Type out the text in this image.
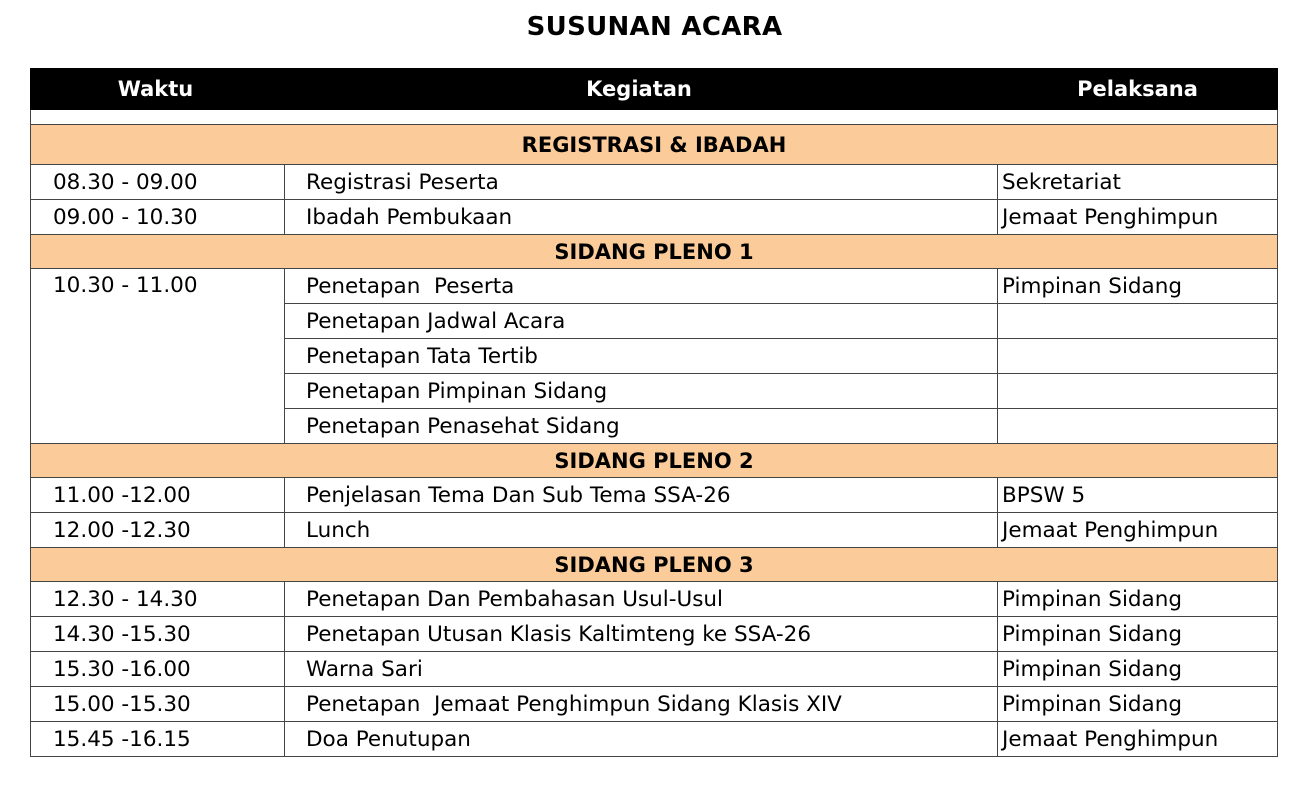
SUSUNAN ACARA
Waktu	Kegiatan	Pelaksana

REGISTRASI & IBADAH		
08.30 - 09.00	Registrasi Peserta	Sekretariat
09.00 - 10.30	Ibadah Pembukaan	Jemaat Penghimpun
SIDANG PLENO 1		
10.30 - 11.00	Penetapan  Peserta	Pimpinan Sidang
	Penetapan Jadwal Acara	
	Penetapan Tata Tertib	
	Penetapan Pimpinan Sidang	
	Penetapan Penasehat Sidang	
SIDANG PLENO 2		
11.00 -12.00	Penjelasan Tema Dan Sub Tema SSA-26	BPSW 5
12.00 -12.30	Lunch	Jemaat Penghimpun
SIDANG PLENO 3		
12.30 - 14.30	Penetapan Dan Pembahasan Usul-Usul	Pimpinan Sidang
14.30 -15.30	Penetapan Utusan Klasis Kaltimteng ke SSA-26	Pimpinan Sidang
15.30 -16.00	Warna Sari	Pimpinan Sidang
15.00 -15.30	Penetapan  Jemaat Penghimpun Sidang Klasis XIV	Pimpinan Sidang
15.45 -16.15	Doa Penutupan	Jemaat Penghimpun
